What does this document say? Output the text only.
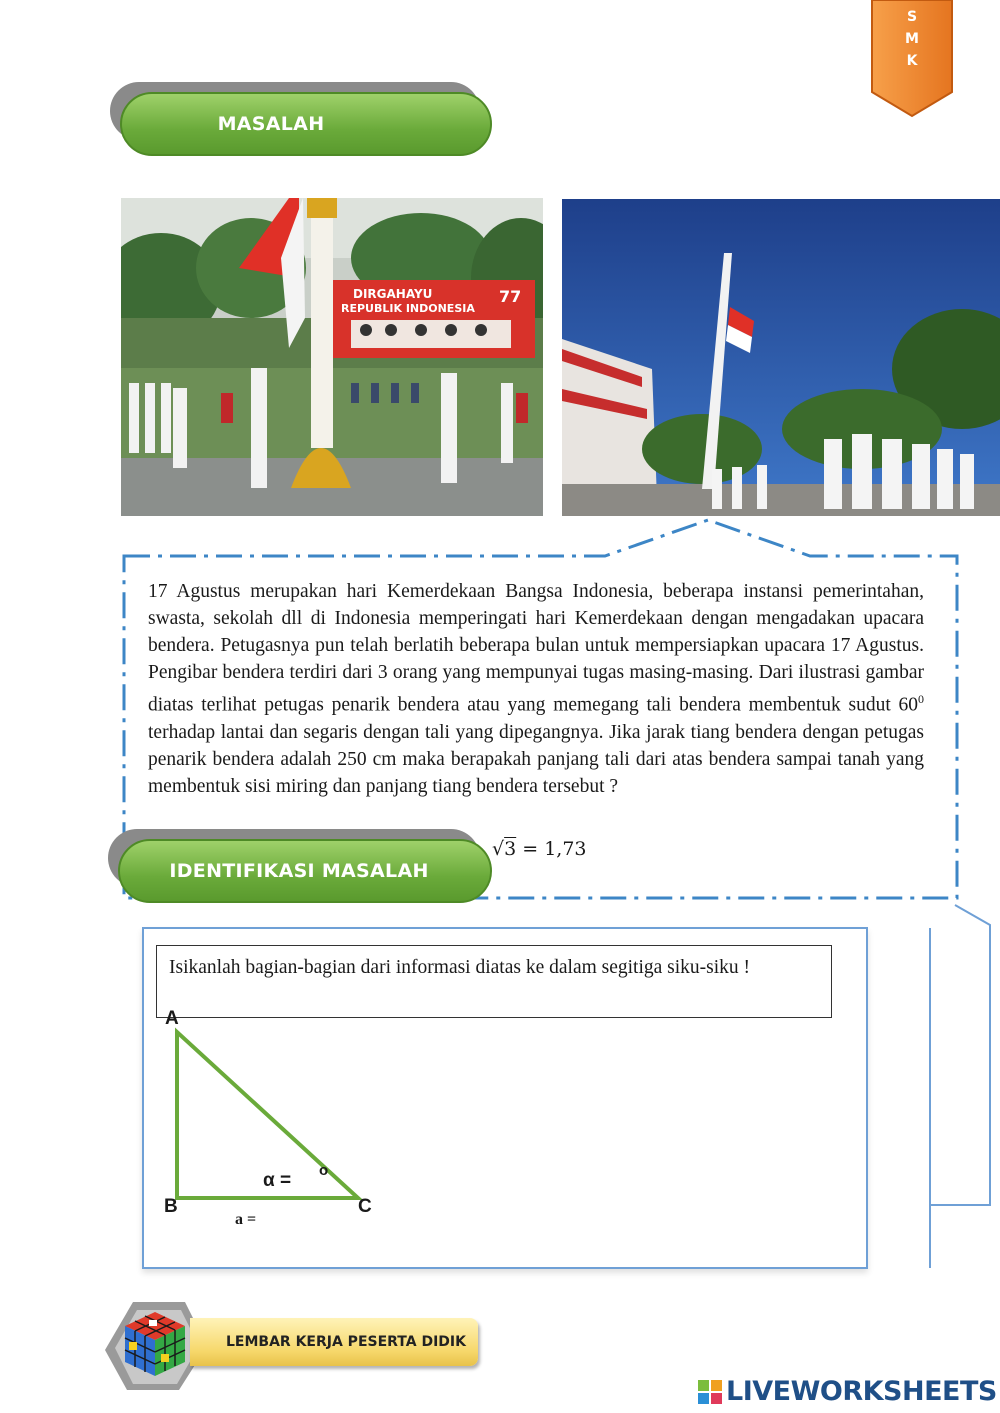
S
M
K
MASALAH
DIRGAHAYU
REPUBLIK INDONESIA
77
17 Agustus merupakan hari Kemerdekaan Bangsa Indonesia, beberapa instansi pemerintahan, swasta, sekolah dll di Indonesia memperingati hari Kemerdekaan dengan mengadakan upacara bendera. Petugasnya pun telah berlatih beberapa bulan untuk mempersiapkan upacara 17 Agustus. Pengibar bendera terdiri dari 3 orang yang mempunyai tugas masing-masing. Dari ilustrasi gambar diatas terlihat petugas penarik bendera atau yang memegang tali bendera membentuk sudut $60^0$ terhadap lantai dan segaris dengan tali yang dipegangnya. Jika jarak tiang bendera dengan petugas penarik bendera adalah 250 cm maka berapakah panjang tali dari atas bendera sampai tanah yang membentuk sisi miring dan panjang tiang bendera tersebut ?
IDENTIFIKASI MASALAH
√3 = 1,73
Isikanlah bagian-bagian dari informasi diatas ke dalam segitiga siku-siku !
A
B	C
α = o
a =
LEMBAR KERJA PESERTA DIDIK
LIVEWORKSHEETS
